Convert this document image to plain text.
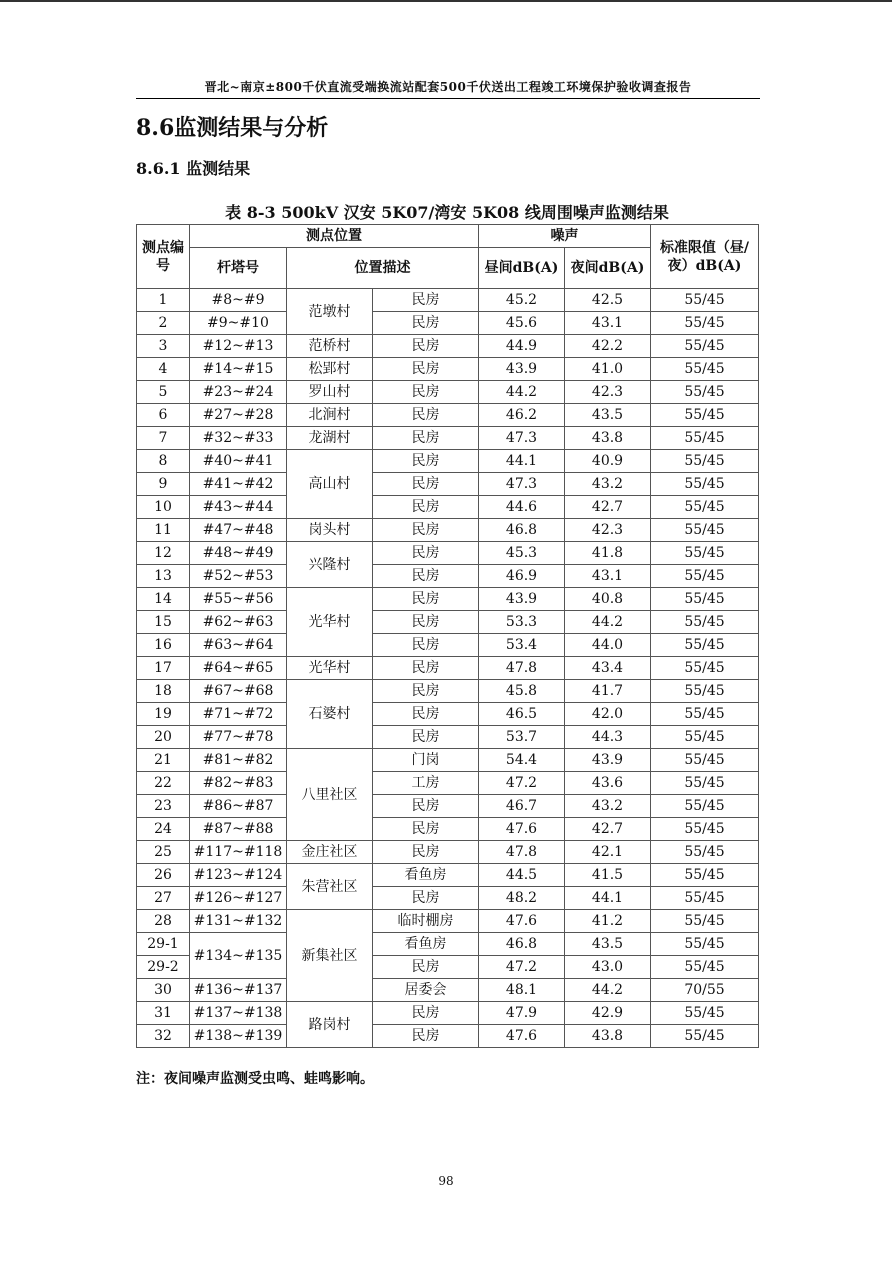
晋北~南京±800千伏直流受端换流站配套500千伏送出工程竣工环境保护验收调查报告
8.6监测结果与分析
8.6.1 监测结果
表 8-3 500kV 汉安 5K07/湾安 5K08 线周围噪声监测结果
测点编号	测点位置			噪声		标准限值（昼/夜）dB(A)
	杆塔号	位置描述		昼间dB(A)	夜间dB(A)	
1	#8~#9	范墩村	民房	45.2	42.5	55/45
2	#9~#10		民房	45.6	43.1	55/45
3	#12~#13	范桥村	民房	44.9	42.2	55/45
4	#14~#15	松郢村	民房	43.9	41.0	55/45
5	#23~#24	罗山村	民房	44.2	42.3	55/45
6	#27~#28	北涧村	民房	46.2	43.5	55/45
7	#32~#33	龙湖村	民房	47.3	43.8	55/45
8	#40~#41	高山村	民房	44.1	40.9	55/45
9	#41~#42		民房	47.3	43.2	55/45
10	#43~#44		民房	44.6	42.7	55/45
11	#47~#48	岗头村	民房	46.8	42.3	55/45
12	#48~#49	兴隆村	民房	45.3	41.8	55/45
13	#52~#53		民房	46.9	43.1	55/45
14	#55~#56	光华村	民房	43.9	40.8	55/45
15	#62~#63		民房	53.3	44.2	55/45
16	#63~#64		民房	53.4	44.0	55/45
17	#64~#65	光华村	民房	47.8	43.4	55/45
18	#67~#68	石婆村	民房	45.8	41.7	55/45
19	#71~#72		民房	46.5	42.0	55/45
20	#77~#78		民房	53.7	44.3	55/45
21	#81~#82	八里社区	门岗	54.4	43.9	55/45
22	#82~#83		工房	47.2	43.6	55/45
23	#86~#87		民房	46.7	43.2	55/45
24	#87~#88		民房	47.6	42.7	55/45
25	#117~#118	金庄社区	民房	47.8	42.1	55/45
26	#123~#124	朱营社区	看鱼房	44.5	41.5	55/45
27	#126~#127		民房	48.2	44.1	55/45
28	#131~#132	新集社区	临时棚房	47.6	41.2	55/45
29-1	#134~#135		看鱼房	46.8	43.5	55/45
29-2			民房	47.2	43.0	55/45
30	#136~#137		居委会	48.1	44.2	70/55
31	#137~#138	路岗村	民房	47.9	42.9	55/45
32	#138~#139		民房	47.6	43.8	55/45
注：夜间噪声监测受虫鸣、蛙鸣影响。
98
